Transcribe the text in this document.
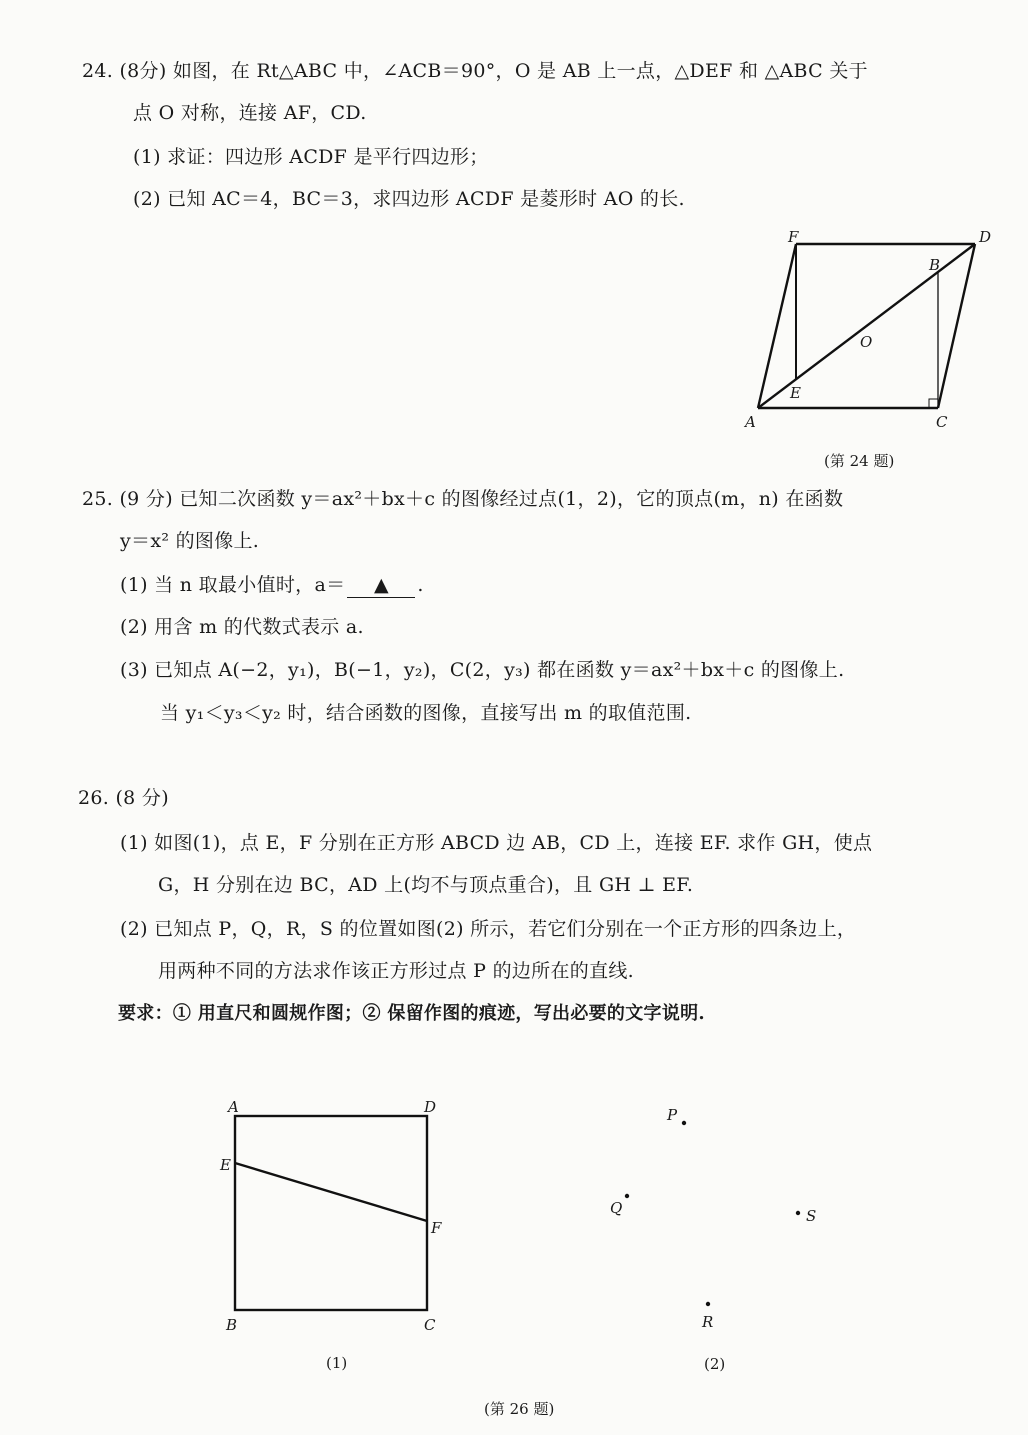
24. (8分) 如图，在 Rt△ABC 中，∠ACB＝90°，O 是 AB 上一点，△DEF 和 △ABC 关于
点 O 对称，连接 AF，CD.
(1) 求证：四边形 ACDF 是平行四边形；
(2) 已知 AC＝4，BC＝3，求四边形 ACDF 是菱形时 AO 的长.
F	D
B
O
E
A	C
(第 24 题)
25. (9 分) 已知二次函数 y＝ax²＋bx＋c 的图像经过点(1，2)，它的顶点(m，n) 在函数
y＝x² 的图像上.
(1) 当 n 取最小值时，a＝ ▲ .
(2) 用含 m 的代数式表示 a.
(3) 已知点 A(−2，y₁)，B(−1，y₂)，C(2，y₃) 都在函数 y＝ax²＋bx＋c 的图像上.
当 y₁＜y₃＜y₂ 时，结合函数的图像，直接写出 m 的取值范围.
26. (8 分)
(1) 如图(1)，点 E，F 分别在正方形 ABCD 边 AB，CD 上，连接 EF. 求作 GH，使点
G，H 分别在边 BC，AD 上(均不与顶点重合)，且 GH ⊥ EF.
(2) 已知点 P，Q，R，S 的位置如图(2) 所示，若它们分别在一个正方形的四条边上，
用两种不同的方法求作该正方形过点 P 的边所在的直线.
要求：① 用直尺和圆规作图；② 保留作图的痕迹，写出必要的文字说明.
A	D
E
F
B	C
(1)
P
Q	S
R
(2)
(第 26 题)
